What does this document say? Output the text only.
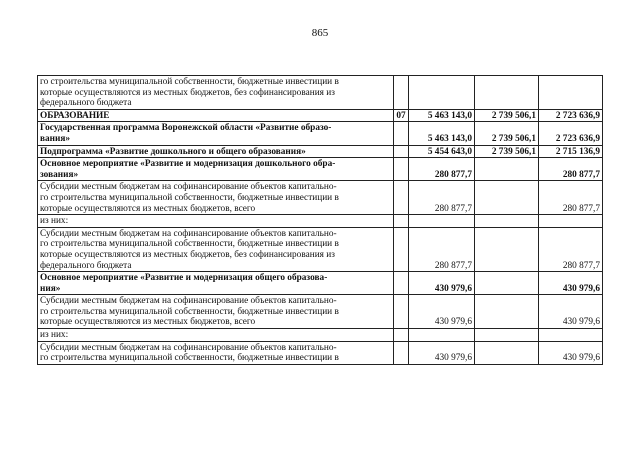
865
го строительства муниципальной собственности, бюджетные инвестиции в
которые осуществляются из местных бюджетов, без софинансирования из
федерального бюджета				

ОБРАЗОВАНИЕ	07	5 463 143,0	2 739 506,1	2 723 636,9

Государственная программа Воронежской области «Развитие образо-
вания»		5 463 143,0	2 739 506,1	2 723 636,9

Подпрограмма «Развитие дошкольного и общего образования»		5 454 643,0	2 739 506,1	2 715 136,9

Основное мероприятие «Развитие и модернизация дошкольного обра-
зования»		280 877,7		280 877,7

Субсидии местным бюджетам на софинансирование объектов капитально-
го строительства муниципальной собственности, бюджетные инвестиции в
которые осуществляются из местных бюджетов, всего		280 877,7		280 877,7

из них:				

Субсидии местным бюджетам на софинансирование объектов капитально-
го строительства муниципальной собственности, бюджетные инвестиции в
которые осуществляются из местных бюджетов, без софинансирования из
федерального бюджета		280 877,7		280 877,7

Основное мероприятие «Развитие и модернизация общего образова-
ния»		430 979,6		430 979,6

Субсидии местным бюджетам на софинансирование объектов капитально-
го строительства муниципальной собственности, бюджетные инвестиции в
которые осуществляются из местных бюджетов, всего		430 979,6		430 979,6

из них:				

Субсидии местным бюджетам на софинансирование объектов капитально-
го строительства муниципальной собственности, бюджетные инвестиции в		430 979,6		430 979,6
